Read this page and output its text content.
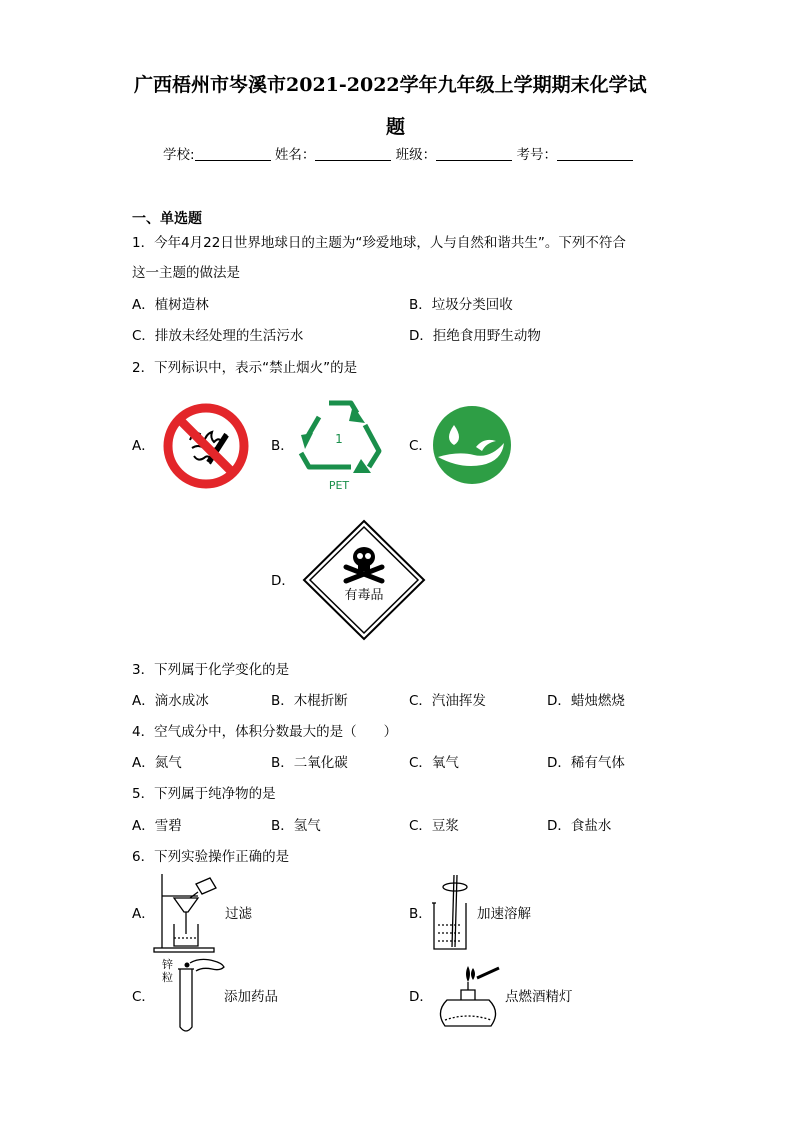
广西梧州市岑溪市2021-2022学年九年级上学期期末化学试
题
学校:	姓名：	班级：	考号：
一、单选题
1．今年4月22日世界地球日的主题为“珍爱地球，人与自然和谐共生”。下列不符合
这一主题的做法是
A．植树造林	B．垃圾分类回收
C．排放未经处理的生活污水	D．拒绝食用野生动物
2．下列标识中，表示“禁止烟火”的是
A．	B．	C．
D．
1
PET
有毒品
3．下列属于化学变化的是
A．滴水成冰	B．木棍折断	C．汽油挥发	D．蜡烛燃烧
4．空气成分中，体积分数最大的是（　　）
A．氮气	B．二氧化碳	C．氧气	D．稀有气体
5．下列属于纯净物的是
A．雪碧	B．氢气	C．豆浆	D．食盐水
6．下列实验操作正确的是
A．	过滤	B．	加速溶解
C．	添加药品	D．	点燃酒精灯
锌
粒
